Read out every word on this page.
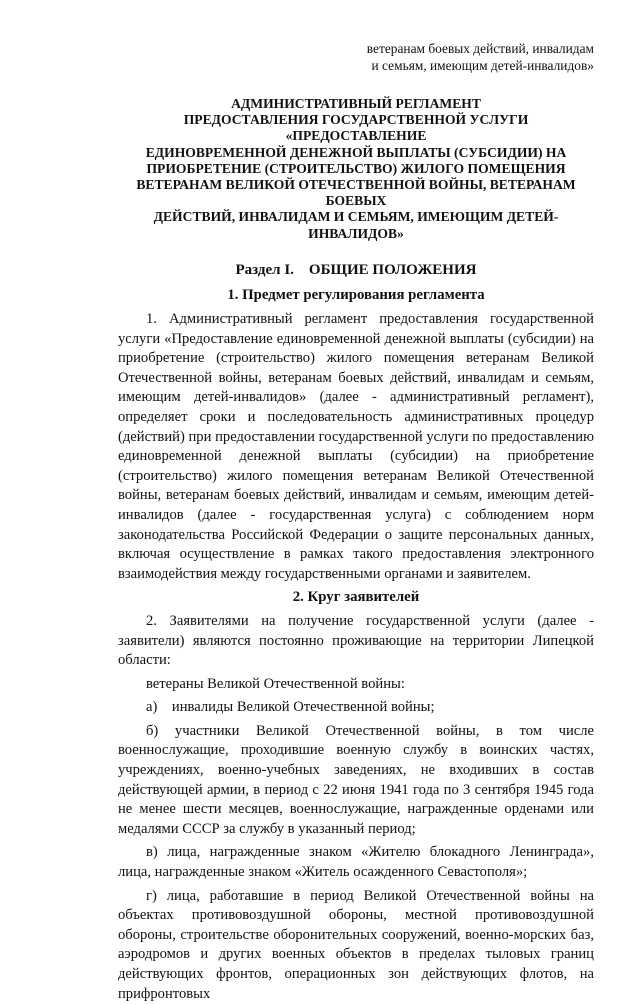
ветеранам боевых действий, инвалидам
и семьям, имеющим детей-инвалидов»
АДМИНИСТРАТИВНЫЙ РЕГЛАМЕНТ
ПРЕДОСТАВЛЕНИЯ ГОСУДАРСТВЕННОЙ УСЛУГИ «ПРЕДОСТАВЛЕНИЕ
ЕДИНОВРЕМЕННОЙ ДЕНЕЖНОЙ ВЫПЛАТЫ (СУБСИДИИ) НА
ПРИОБРЕТЕНИЕ (СТРОИТЕЛЬСТВО) ЖИЛОГО ПОМЕЩЕНИЯ
ВЕТЕРАНАМ ВЕЛИКОЙ ОТЕЧЕСТВЕННОЙ ВОЙНЫ, ВЕТЕРАНАМ БОЕВЫХ
ДЕЙСТВИЙ, ИНВАЛИДАМ И СЕМЬЯМ, ИМЕЮЩИМ ДЕТЕЙ-ИНВАЛИДОВ»
Раздел I. ОБЩИЕ ПОЛОЖЕНИЯ
1. Предмет регулирования регламента

1. Административный регламент предоставления государственной услуги «Предоставление единовременной денежной выплаты (субсидии) на приобретение (строительство) жилого помещения ветеранам Великой Отечественной войны, ветеранам боевых действий, инвалидам и семьям, имеющим детей-инвалидов» (далее - административный регламент), определяет сроки и последовательность административных процедур (действий) при предоставлении государственной услуги по предоставлению единовременной денежной выплаты (субсидии) на приобретение (строительство) жилого помещения ветеранам Великой Отечественной войны, ветеранам боевых действий, инвалидам и семьям, имеющим детей-инвалидов (далее - государственная услуга) с соблюдением норм законодательства Российской Федерации о защите персональных данных, включая осуществление в рамках такого предоставления электронного взаимодействия между государственными органами и заявителем.

2. Круг заявителей

2. Заявителями на получение государственной услуги (далее - заявители) являются постоянно проживающие на территории Липецкой области:

ветераны Великой Отечественной войны:

а) инвалиды Великой Отечественной войны;

б) участники Великой Отечественной войны, в том числе военнослужащие, проходившие военную службу в воинских частях, учреждениях, военно-учебных заведениях, не входивших в состав действующей армии, в период с 22 июня 1941 года по 3 сентября 1945 года не менее шести месяцев, военнослужащие, награжденные орденами или медалями СССР за службу в указанный период;

в) лица, награжденные знаком «Жителю блокадного Ленинграда», лица, награжденные знаком «Житель осажденного Севастополя»;

г) лица, работавшие в период Великой Отечественной войны на объектах противовоздушной обороны, местной противовоздушной обороны, строительстве оборонительных сооружений, военно-морских баз, аэродромов и других военных объектов в пределах тыловых границ действующих фронтов, операционных зон действующих флотов, на прифронтовых
